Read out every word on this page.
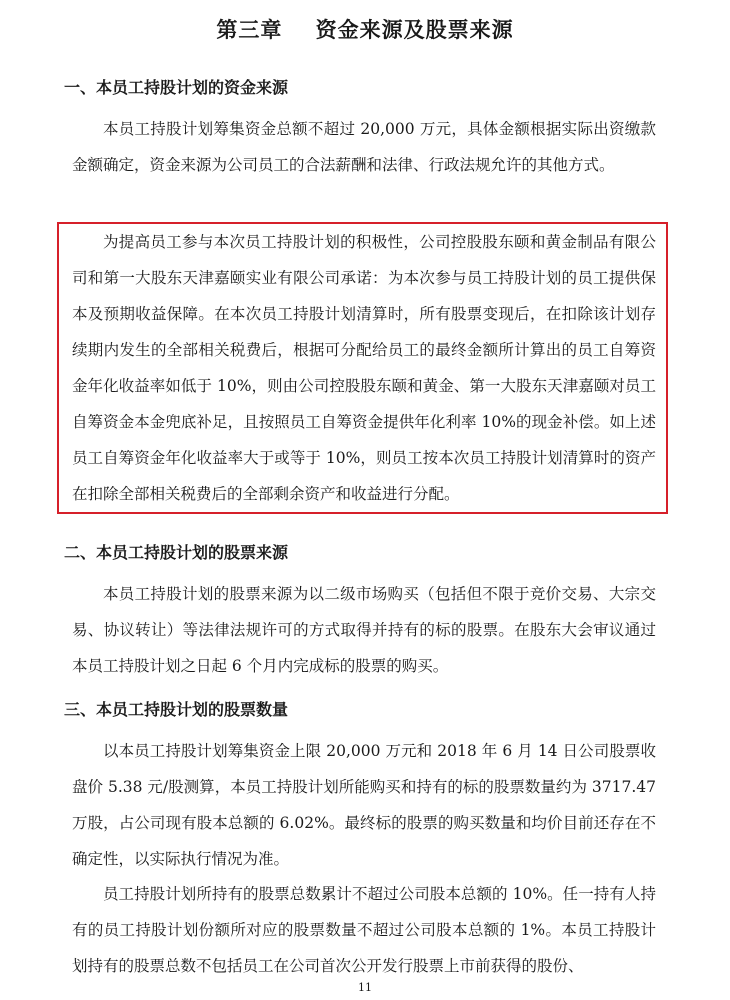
第三章    资金来源及股票来源
一、本员工持股计划的资金来源

本员工持股计划筹集资金总额不超过 20,000 万元，具体金额根据实际出资缴款金额确定，资金来源为公司员工的合法薪酬和法律、行政法规允许的其他方式。

为提高员工参与本次员工持股计划的积极性，公司控股股东颐和黄金制品有限公司和第一大股东天津嘉颐实业有限公司承诺：为本次参与员工持股计划的员工提供保本及预期收益保障。在本次员工持股计划清算时，所有股票变现后，在扣除该计划存续期内发生的全部相关税费后，根据可分配给员工的最终金额所计算出的员工自筹资金年化收益率如低于 10%，则由公司控股股东颐和黄金、第一大股东天津嘉颐对员工自筹资金本金兜底补足，且按照员工自筹资金提供年化利率 10%的现金补偿。如上述员工自筹资金年化收益率大于或等于 10%，则员工按本次员工持股计划清算时的资产在扣除全部相关税费后的全部剩余资产和收益进行分配。

二、本员工持股计划的股票来源

本员工持股计划的股票来源为以二级市场购买（包括但不限于竞价交易、大宗交易、协议转让）等法律法规许可的方式取得并持有的标的股票。在股东大会审议通过本员工持股计划之日起 6 个月内完成标的股票的购买。

三、本员工持股计划的股票数量

以本员工持股计划筹集资金上限 20,000 万元和 2018 年 6 月 14 日公司股票收盘价 5.38 元/股测算，本员工持股计划所能购买和持有的标的股票数量约为 3717.47 万股，占公司现有股本总额的 6.02%。最终标的股票的购买数量和均价目前还存在不确定性，以实际执行情况为准。

员工持股计划所持有的股票总数累计不超过公司股本总额的 10%。任一持有人持有的员工持股计划份额所对应的股票数量不超过公司股本总额的 1%。本员工持股计划持有的股票总数不包括员工在公司首次公开发行股票上市前获得的股份、

11
